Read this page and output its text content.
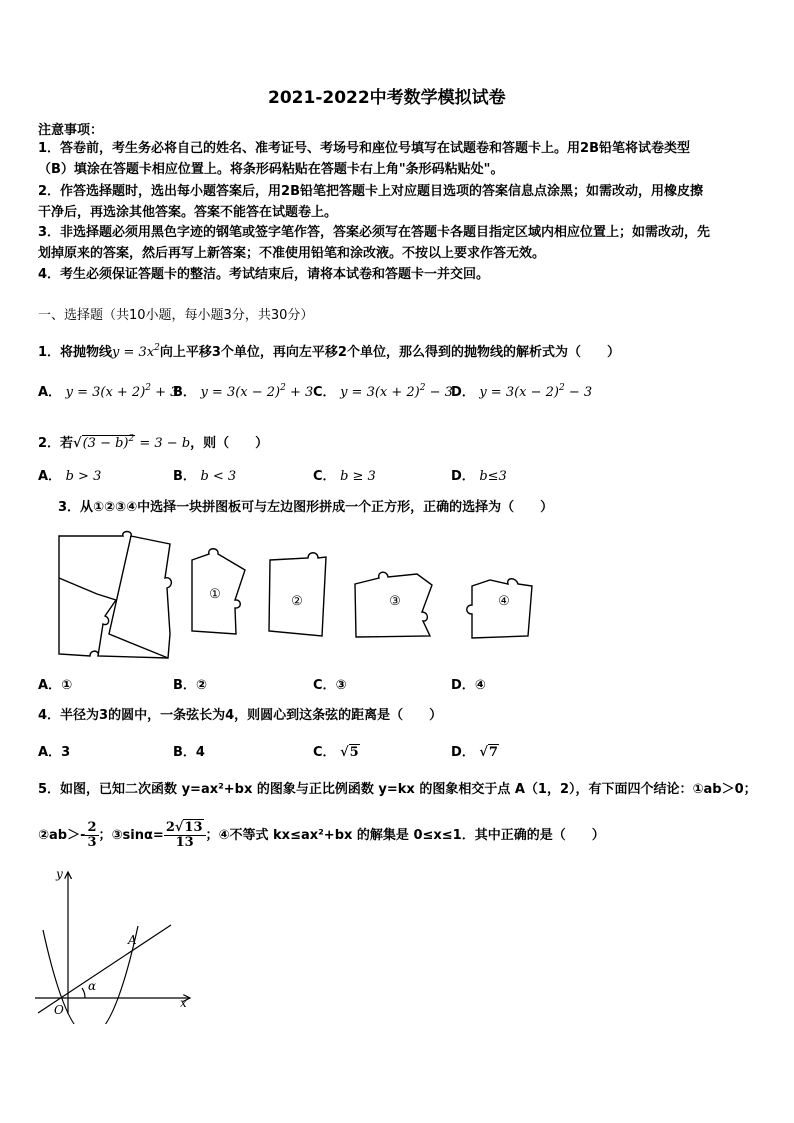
2021-2022中考数学模拟试卷
注意事项：
1．答卷前，考生务必将自己的姓名、准考证号、考场号和座位号填写在试题卷和答题卡上。用2B铅笔将试卷类型
（B）填涂在答题卡相应位置上。将条形码粘贴在答题卡右上角"条形码粘贴处"。
2．作答选择题时，选出每小题答案后，用2B铅笔把答题卡上对应题目选项的答案信息点涂黑；如需改动，用橡皮擦
干净后，再选涂其他答案。答案不能答在试题卷上。
3．非选择题必须用黑色字迹的钢笔或签字笔作答，答案必须写在答题卡各题目指定区域内相应位置上；如需改动，先
划掉原来的答案，然后再写上新答案；不准使用铅笔和涂改液。不按以上要求作答无效。
4．考生必须保证答题卡的整洁。考试结束后，请将本试卷和答题卡一并交回。
一、选择题（共10小题，每小题3分，共30分）
1．将抛物线$y = 3x^2$向上平移3个单位，再向左平移2个单位，那么得到的抛物线的解析式为（　　）
A． $y = 3(x + 2)^2 + 3$
B． $y = 3(x - 2)^2 + 3$ C． $y = 3(x + 2)^2 - 3$
D． $y = 3(x - 2)^2 - 3$
2．若$√(3 - b)^2 = 3 - b$，则（　　）
A． b > 3	B． b < 3	C． b ≥ 3	D． b≤3
3．从①②③④中选择一块拼图板可与左边图形拼成一个正方形，正确的选择为（　　）
①	②	③	④
A．①	B．②	C．③	D．④
4．半径为3的圆中，一条弦长为4，则圆心到这条弦的距离是（　　）
A．3	B．4	C． √5	D． √7
5．如图，已知二次函数 y=ax²+bx 的图象与正比例函数 y=kx 的图象相交于点 A（1，2），有下面四个结论：①ab＞0；
②ab＞- $\frac{2}{3}$ ；③sinα= $\frac{2√13}{13}$ ；④不等式 kx≤ax²+bx 的解集是 0≤x≤1．其中正确的是（　　）
y
x
O
A
α
